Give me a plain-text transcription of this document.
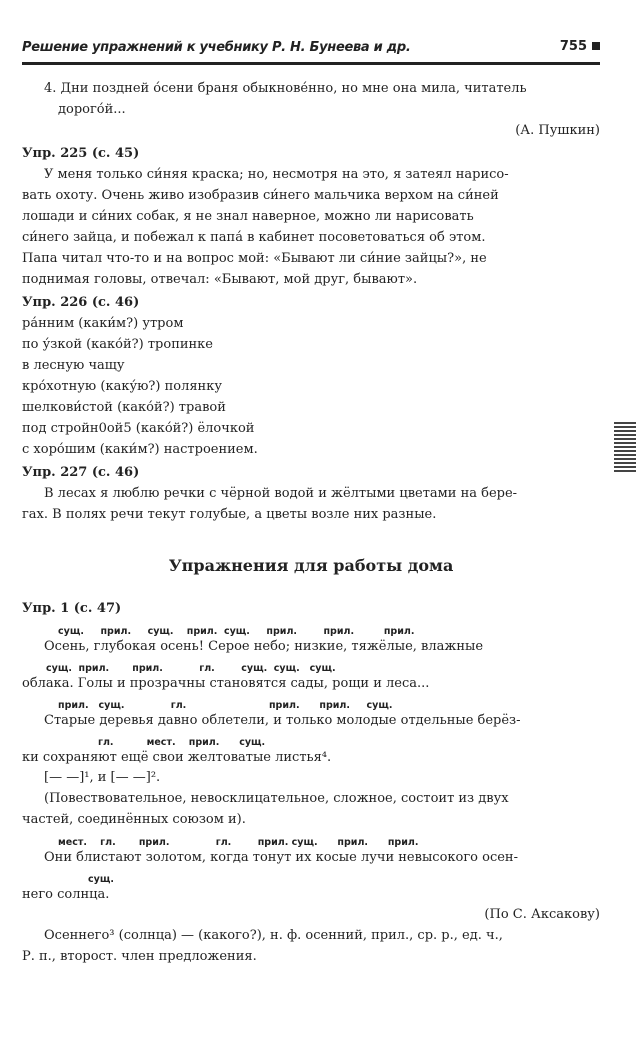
Решение упражнений к учебнику Р. Н. Бунеева и др.	755

4. Дни поздней о́сени браня обыкнове́нно, но мне она мила, читатель

дорого́й...

(А. Пушкин)

Упр. 225 (с. 45)

У меня только си́няя краска; но, несмотря на это, я затеял нарисо-

вать охоту. Очень живо изобразив си́него мальчика верхом на си́ней

лошади и си́них собак, я не знал наверное, можно ли нарисовать

си́него зайца, и побежал к папа́ в кабинет посоветоваться об этом.

Папа читал что-то и на вопрос мой: «Бывают ли си́ние зайцы?», не

поднимая головы, отвечал: «Бывают, мой друг, бывают».

Упр. 226 (с. 46)

ра́нним (каки́м?) утром

по у́зкой (како́й?) тропинке

в лесную чащу

кро́хотную (каку́ю?) полянку

шелкови́стой (како́й?) травой

под стройн0ой5 (како́й?) ёлочкой

с хоро́шим (каки́м?) настроением.

Упр. 227 (с. 46)

В лесах я люблю речки с чёрной водой и жёлтыми цветами на бере-

гах. В полях речи текут голубые, а цветы возле них разные.

Упражнения для работы дома

Упр. 1 (с. 47)

сущ.     прил.     сущ.    прил.  сущ.     прил.        прил.         прил.

Осень, глубокая осень! Серое небо; низкие, тяжёлые, влажные

сущ.  прил.       прил.           гл.        сущ.  сущ.   сущ.

облака. Голы и прозрачны становятся сады, рощи и леса...

прил.   сущ.              гл.                         прил.      прил.     сущ.

Старые деревья давно облетели, и только молодые отдельные берёз-

гл.          мест.    прил.      сущ.

ки сохраняют ещё свои желтоватые листья⁴.

[— —]¹, и [— —]².

(Повествовательное, невосклицательное, сложное, состоит из двух

частей, соединённых союзом и).

мест.    гл.       прил.              гл.        прил. сущ.      прил.      прил.

Они блистают золотом, когда тонут их косые лучи невысокого осен-

сущ.

него солнца.

(По С. Аксакову)

Осеннего³ (солнца) — (какого?), н. ф. осенний, прил., ср. р., ед. ч.,

Р. п., второст. член предложения.
